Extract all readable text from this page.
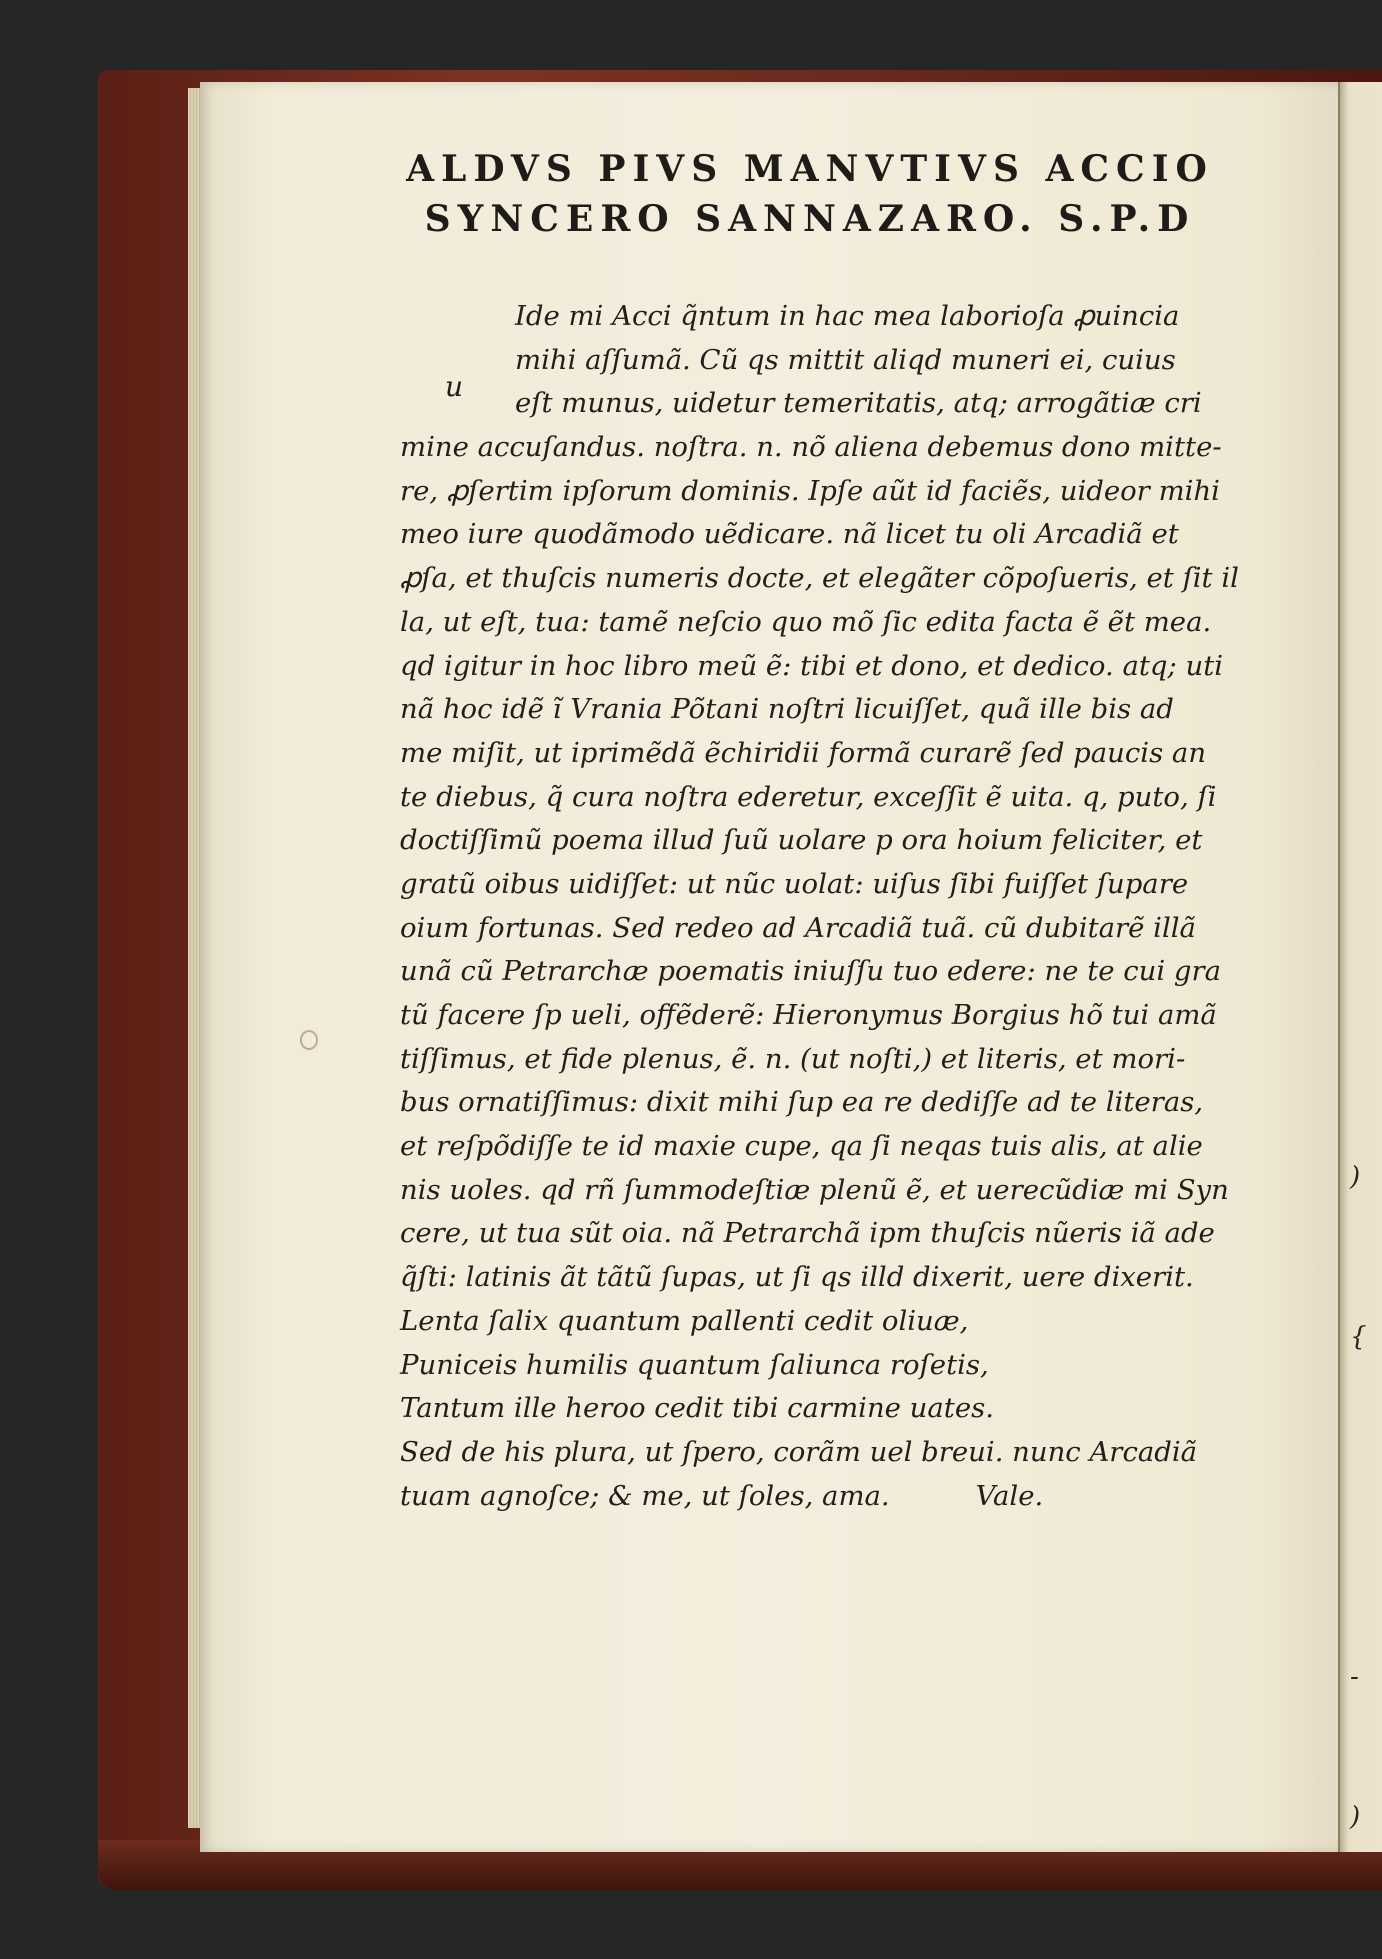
)
{
-
)
ALDVS PIVS MANVTIVS ACCIO
SYNCERO SANNAZARO. S.P.D
u
Ide mi Acci q̃ntum in hac mea laborioſa ꝓuincia
mihi aſſumã. Cũ qs mittit aliqd muneri ei, cuius
eſt munus, uidetur temeritatis, atq; arrogãtiæ cri
mine accuſandus. noſtra. n. nõ aliena debemus dono mitte-
re, ꝓſertim ipſorum dominis. Ipſe aũt id faciẽs, uideor mihi
meo iure quodãmodo uẽdicare. nã licet tu oli Arcadiã et
ꝓſa, et thuſcis numeris docte, et elegãter cõpoſueris, et ſit il
la, ut eſt, tua: tamẽ neſcio quo mõ ſic edita facta ẽ ẽt mea.
qd igitur in hoc libro meũ ẽ: tibi et dono, et dedico. atq; uti
nã hoc idẽ ĩ Vrania Põtani noſtri licuiſſet, quã ille bis ad
me miſit, ut iprimẽdã ẽchiridii formã curarẽ ſed paucis an
te diebus, q̃ cura noſtra ederetur, exceſſit ẽ uita. q, puto, ſi
doctiſſimũ poema illud ſuũ uolare p ora hoium feliciter, et
gratũ oibus uidiſſet: ut nũc uolat: uiſus ſibi fuiſſet ſupare
oium fortunas. Sed redeo ad Arcadiã tuã. cũ dubitarẽ illã
unã cũ Petrarchæ poematis iniuſſu tuo edere: ne te cui gra
tũ facere ſp ueli, offẽderẽ: Hieronymus Borgius hõ tui amã
tiſſimus, et fide plenus, ẽ. n. (ut noſti,) et literis, et mori-
bus ornatiſſimus: dixit mihi ſup ea re dediſſe ad te literas,
et reſpõdiſſe te id maxie cupe, qa ſi neqas tuis alis, at alie
nis uoles. qd rñ ſummodeſtiæ plenũ ẽ, et uerecũdiæ mi Syn
cere, ut tua sũt oia. nã Petrarchã ipm thuſcis nũeris iã ade
q̃ſti: latinis ãt tãtũ ſupas, ut ſi qs illd dixerit, uere dixerit.
Lenta ſalix quantum pallenti cedit oliuæ,
Puniceis humilis quantum ſaliunca roſetis,
Tantum ille heroo cedit tibi carmine uates.
Sed de his plura, ut ſpero, corãm uel breui. nunc Arcadiã
tuam agnoſce; & me, ut ſoles, ama.	Vale.
